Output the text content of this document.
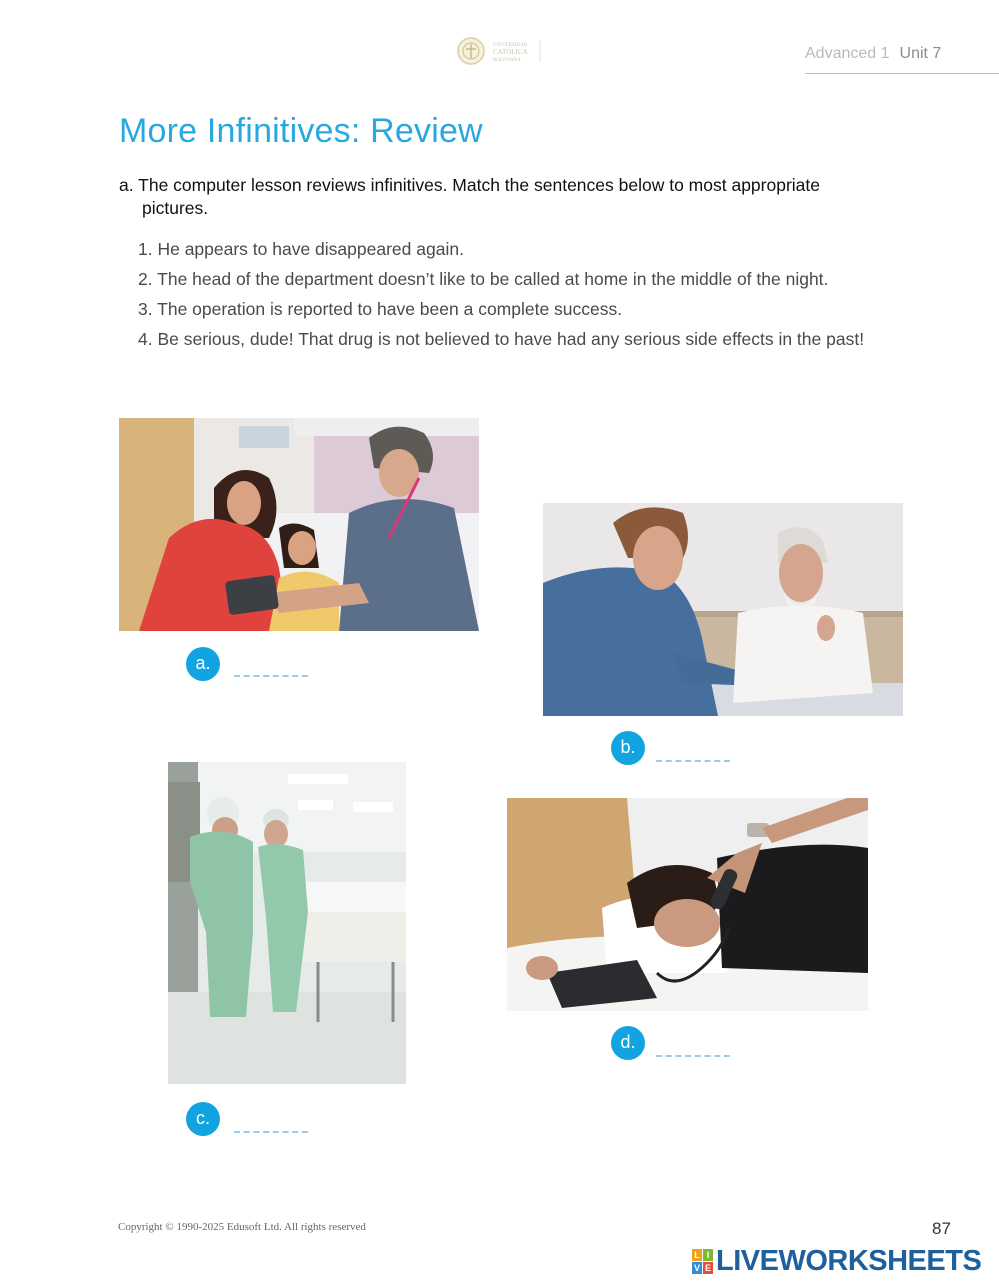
UNIVERSIDAD
CATÓLICA
BOLIVIANA	Advanced 1 Unit 7
More Infinitives: Review
a. The computer lesson reviews infinitives. Match the sentences below to most appropriate
pictures.
1. He appears to have disappeared again.
2. The head of the department doesn’t like to be called at home in the middle of the night.
3. The operation is reported to have been a complete success.
4. Be serious, dude! That drug is not believed to have had any serious side effects in the past!
a.
b.
c.
d.
Copyright © 1990-2025 Edusoft Ltd. All rights reserved	87
L I
V E LIVEWORKSHEETS
